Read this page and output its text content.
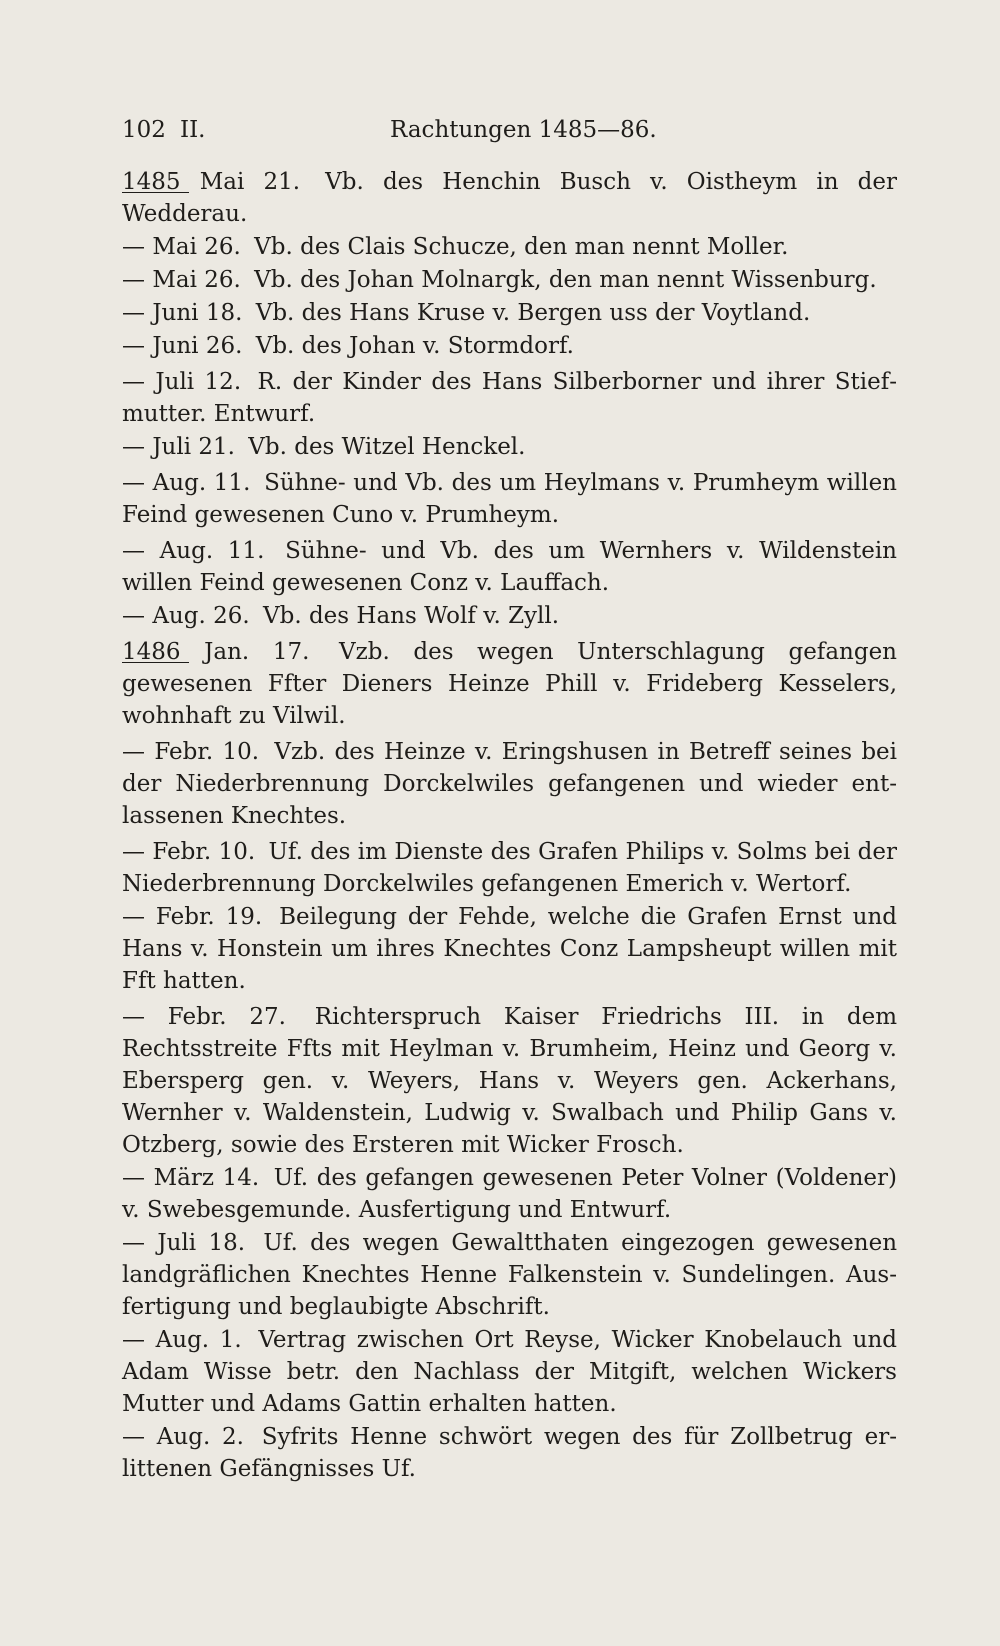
102 II.	Rachtungen 1485—86.
1485 Mai 21. Vb. des Henchin Busch v. Oistheym in der Wedderau.
— Mai 26. Vb. des Clais Schucze, den man nennt Moller.
— Mai 26. Vb. des Johan Molnargk, den man nennt Wissenburg.
— Juni 18. Vb. des Hans Kruse v. Bergen uss der Voytland.
— Juni 26. Vb. des Johan v. Stormdorf.
— Juli 12. R. der Kinder des Hans Silberborner und ihrer Stiefmutter. Entwurf.
— Juli 21. Vb. des Witzel Henckel.
— Aug. 11. Sühne- und Vb. des um Heylmans v. Prumheym willen Feind gewesenen Cuno v. Prumheym.
— Aug. 11. Sühne- und Vb. des um Wernhers v. Wildenstein willen Feind gewesenen Conz v. Lauffach.
— Aug. 26. Vb. des Hans Wolf v. Zyll.
1486 Jan. 17. Vzb. des wegen Unterschlagung gefangen gewesenen Ffter Dieners Heinze Phill v. Frideberg Kesselers, wohnhaft zu Vilwil.
— Febr. 10. Vzb. des Heinze v. Eringshusen in Betreff seines bei der Niederbrennung Dorckelwiles gefangenen und wieder entlassenen Knechtes.
— Febr. 10. Uf. des im Dienste des Grafen Philips v. Solms bei der Niederbrennung Dorckelwiles gefangenen Emerich v. Wertorf.
— Febr. 19. Beilegung der Fehde, welche die Grafen Ernst und Hans v. Honstein um ihres Knechtes Conz Lampsheupt willen mit Fft hatten.
— Febr. 27. Richterspruch Kaiser Friedrichs III. in dem Rechtsstreite Ffts mit Heylman v. Brumheim, Heinz und Georg v. Ebersperg gen. v. Weyers, Hans v. Weyers gen. Ackerhans, Wernher v. Waldenstein, Ludwig v. Swalbach und Philip Gans v. Otzberg, sowie des Ersteren mit Wicker Frosch.
— März 14. Uf. des gefangen gewesenen Peter Volner (Voldener) v. Swebesgemunde. Ausfertigung und Entwurf.
— Juli 18. Uf. des wegen Gewaltthaten eingezogen gewesenen landgräflichen Knechtes Henne Falkenstein v. Sundelingen. Ausfertigung und beglaubigte Abschrift.
— Aug. 1. Vertrag zwischen Ort Reyse, Wicker Knobelauch und Adam Wisse betr. den Nachlass der Mitgift, welchen Wickers Mutter und Adams Gattin erhalten hatten.
— Aug. 2. Syfrits Henne schwört wegen des für Zollbetrug erlittenen Gefängnisses Uf.
